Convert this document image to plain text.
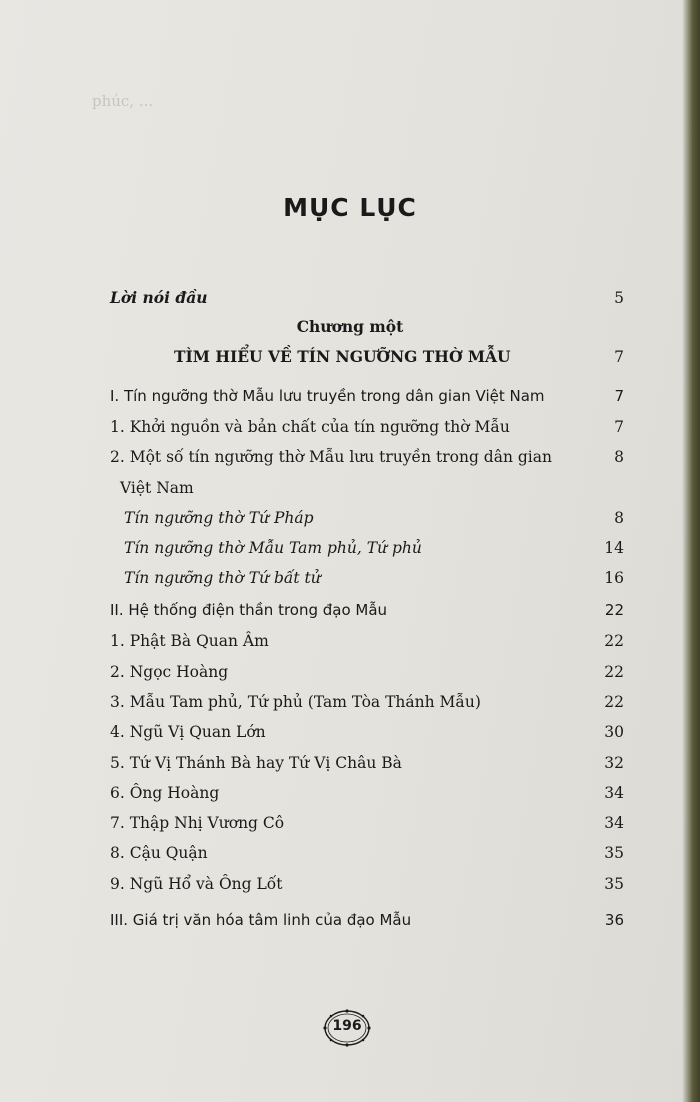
phúc, ...
MỤC LỤC
Lời nói đầu	5
Chương một
TÌM HIỂU VỀ TÍN NGƯỠNG THỜ MẪU	7
I. Tín ngưỡng thờ Mẫu lưu truyền trong dân gian Việt Nam	7
1. Khởi nguồn và bản chất của tín ngưỡng thờ Mẫu	7
2. Một số tín ngưỡng thờ Mẫu lưu truyền trong dân gian	8
Việt Nam
Tín ngưỡng thờ Tứ Pháp	8
Tín ngưỡng thờ Mẫu Tam phủ, Tứ phủ	14
Tín ngưỡng thờ Tứ bất tử	16
II. Hệ thống điện thần trong đạo Mẫu	22
1. Phật Bà Quan Âm	22
2. Ngọc Hoàng	22
3. Mẫu Tam phủ, Tứ phủ (Tam Tòa Thánh Mẫu)	22
4. Ngũ Vị Quan Lớn	30
5. Tứ Vị Thánh Bà hay Tứ Vị Châu Bà	32
6. Ông Hoàng	34
7. Thập Nhị Vương Cô	34
8. Cậu Quận	35
9. Ngũ Hổ và Ông Lốt	35
III. Giá trị văn hóa tâm linh của đạo Mẫu	36
196
